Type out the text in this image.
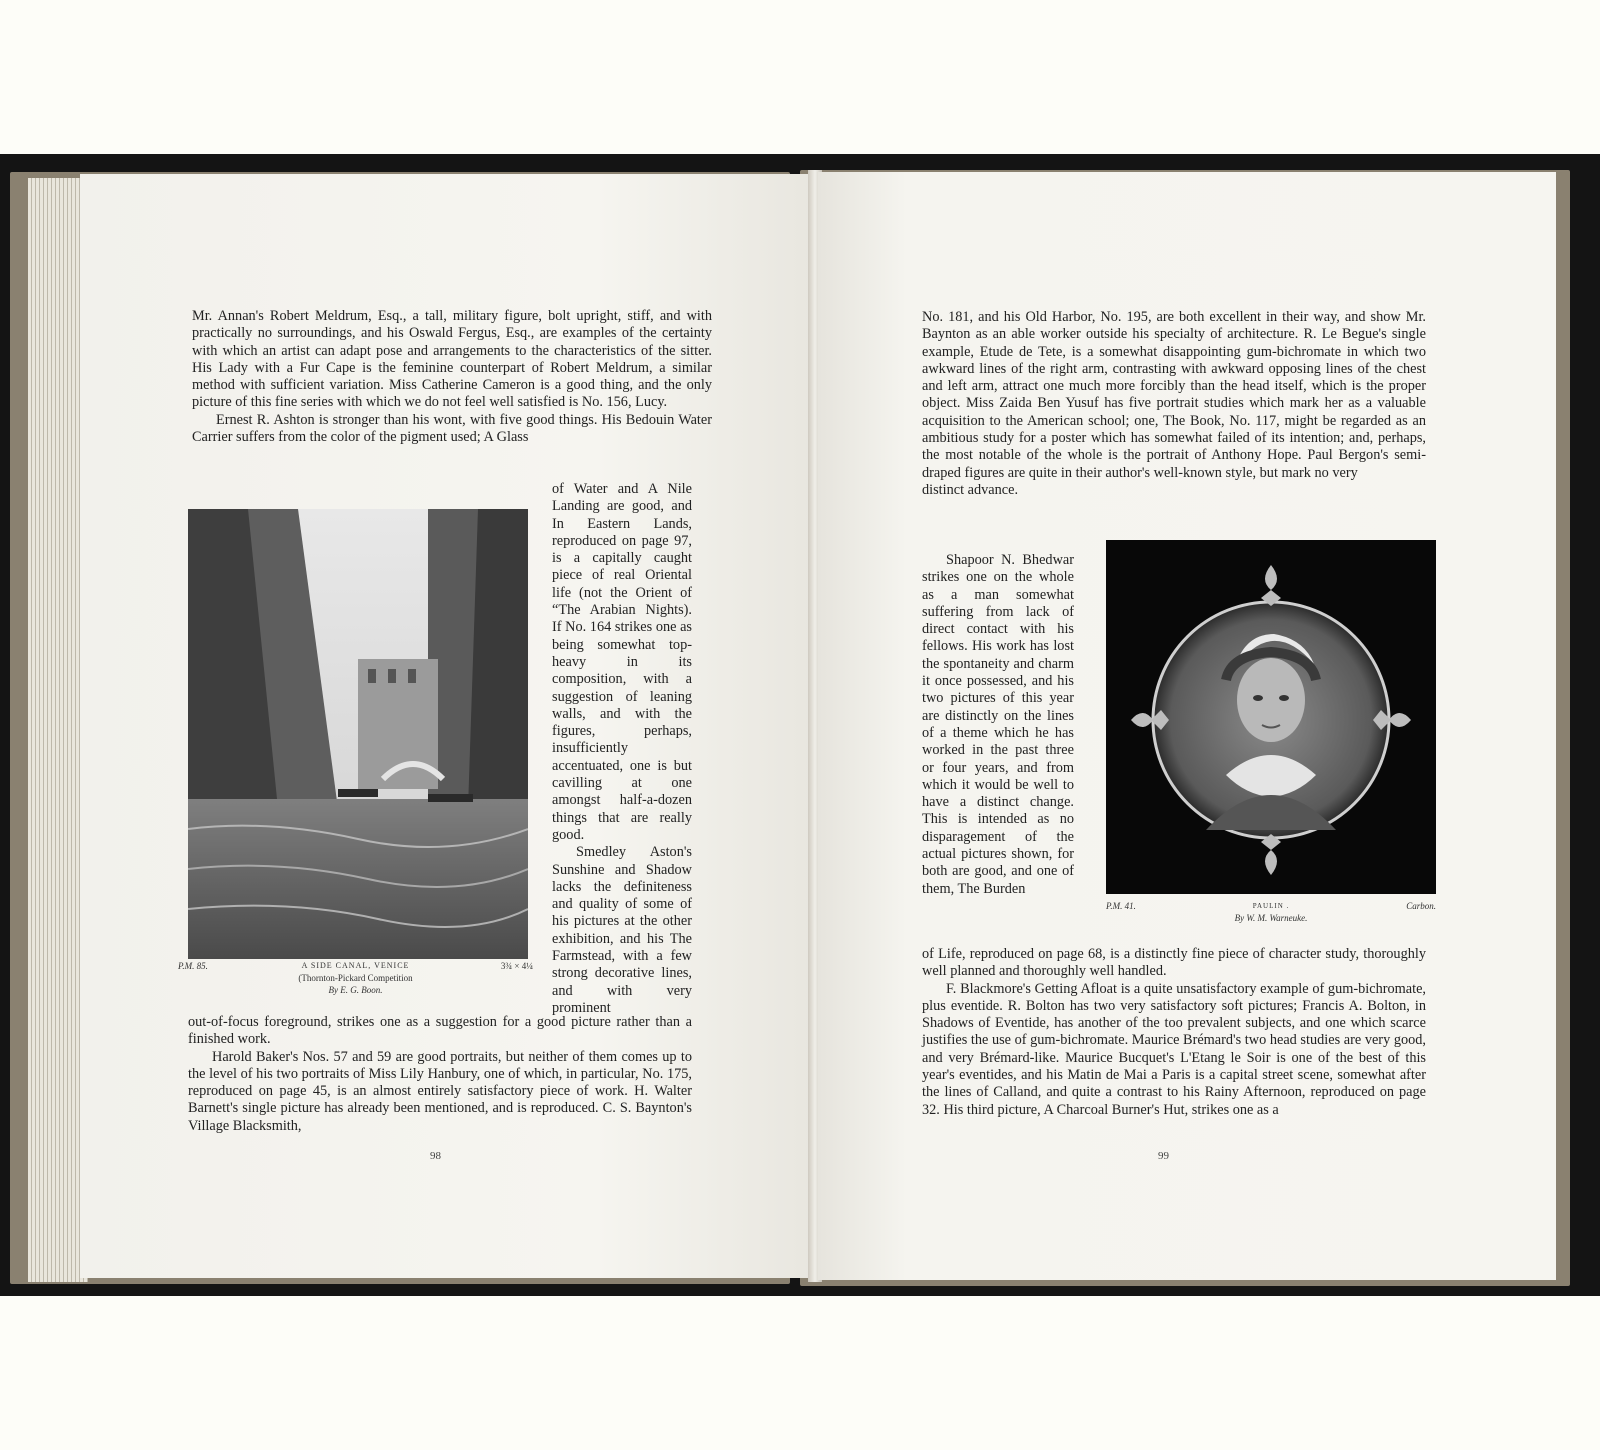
Mr. Annan's Robert Meldrum, Esq., a tall, military figure, bolt upright, stiff, and with practically no surroundings, and his Oswald Fergus, Esq., are examples of the certainty with which an artist can adapt pose and arrangements to the characteristics of the sitter. His Lady with a Fur Cape is the feminine counterpart of Robert Meldrum, a similar method with sufficient variation. Miss Catherine Cameron is a good thing, and the only picture of this fine series with which we do not feel well satisfied is No. 156, Lucy.

Ernest R. Ashton is stronger than his wont, with five good things. His Bedouin Water Carrier suffers from the color of the pigment used; A Glass

P.M. 85.	A SIDE CANAL, VENICE	3¾ × 4¼
(Thornton-Pickard Competition
By E. G. Boon.

of Water and A Nile Landing are good, and In Eastern Lands, reproduced on page 97, is a capitally caught piece of real Oriental life (not the Orient of “The Arabian Nights). If No. 164 strikes one as being somewhat top-heavy in its composition, with a suggestion of leaning walls, and with the figures, perhaps, insufficiently accentuated, one is but cavilling at one amongst half-a-dozen things that are really good.

Smedley Aston's Sunshine and Shadow lacks the definiteness and quality of some of his pictures at the other exhibition, and his The Farmstead, with a few strong decorative lines, and with very prominent

out-of-focus foreground, strikes one as a suggestion for a good picture rather than a finished work.

Harold Baker's Nos. 57 and 59 are good portraits, but neither of them comes up to the level of his two portraits of Miss Lily Hanbury, one of which, in particular, No. 175, reproduced on page 45, is an almost entirely satisfactory piece of work. H. Walter Barnett's single picture has already been mentioned, and is reproduced. C. S. Baynton's Village Blacksmith,

98

No. 181, and his Old Harbor, No. 195, are both excellent in their way, and show Mr. Baynton as an able worker outside his specialty of architecture. R. Le Begue's single example, Etude de Tete, is a somewhat disappointing gum-bichromate in which two awkward lines of the right arm, contrasting with awkward opposing lines of the chest and left arm, attract one much more forcibly than the head itself, which is the proper object. Miss Zaida Ben Yusuf has five portrait studies which mark her as a valuable acquisition to the American school; one, The Book, No. 117, might be regarded as an ambitious study for a poster which has somewhat failed of its intention; and, perhaps, the most notable of the whole is the portrait of Anthony Hope. Paul Bergon's semi-draped figures are quite in their author's well-known style, but mark no very

distinct advance.

Shapoor N. Bhedwar strikes one on the whole as a man somewhat suffering from lack of direct contact with his fellows. His work has lost the spontaneity and charm it once possessed, and his two pictures of this year are distinctly on the lines of a theme which he has worked in the past three or four years, and from which it would be well to have a distinct change. This is intended as no disparagement of the actual pictures shown, for both are good, and one of them, The Burden

P.M. 41.	PAULIN .	Carbon.
By W. M. Warneuke.

of Life, reproduced on page 68, is a distinctly fine piece of character study, thoroughly well planned and thoroughly well handled.

F. Blackmore's Getting Afloat is a quite unsatisfactory example of gum-bichromate, plus eventide. R. Bolton has two very satisfactory soft pictures; Francis A. Bolton, in Shadows of Eventide, has another of the too prevalent subjects, and one which scarce justifies the use of gum-bichromate. Maurice Brémard's two head studies are very good, and very Brémard-like. Maurice Bucquet's L'Etang le Soir is one of the best of this year's eventides, and his Matin de Mai a Paris is a capital street scene, somewhat after the lines of Calland, and quite a contrast to his Rainy Afternoon, reproduced on page 32. His third picture, A Charcoal Burner's Hut, strikes one as a

99
